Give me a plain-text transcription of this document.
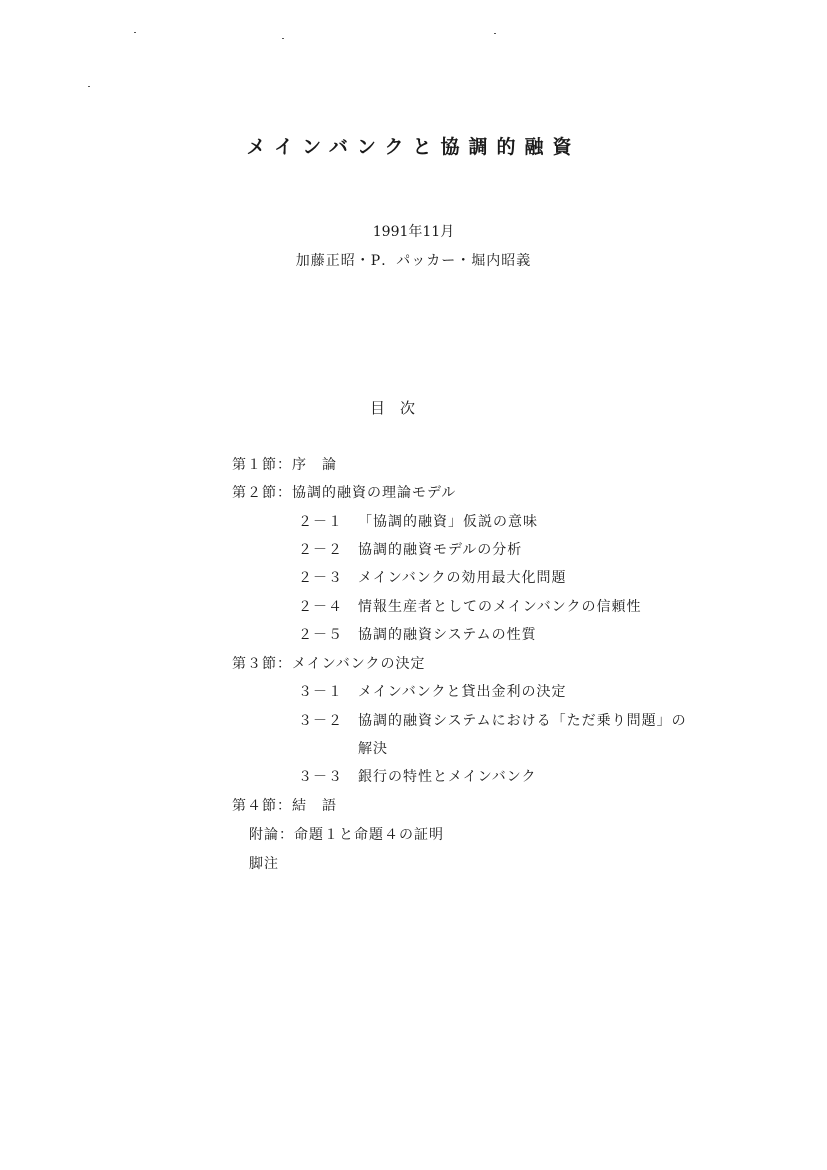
メインバンクと協調的融資
1991年11月
加藤正昭・P．パッカー・堀内昭義
目　次
第１節：序　論
第２節：協調的融資の理論モデル
２－１ 「協調的融資」仮説の意味
２－２ 協調的融資モデルの分析
２－３ メインバンクの効用最大化問題
２－４ 情報生産者としてのメインバンクの信頼性
２－５ 協調的融資システムの性質
第３節：メインバンクの決定
３－１ メインバンクと貸出金利の決定
３－２ 協調的融資システムにおける「ただ乗り問題」の
解決
３－３ 銀行の特性とメインバンク
第４節：結　語
附論：命題１と命題４の証明
脚注
